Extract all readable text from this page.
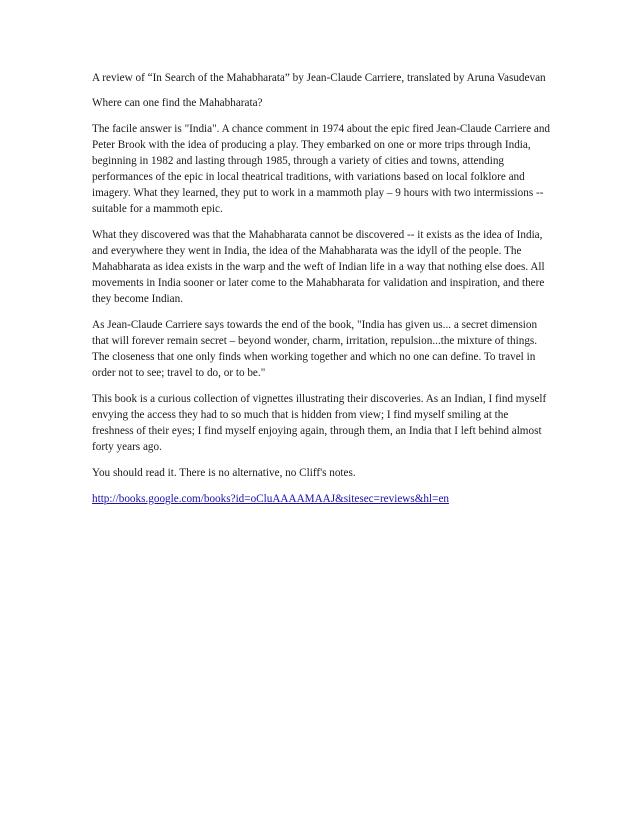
A review of “In Search of the Mahabharata” by Jean-Claude Carriere, translated by Aruna Vasudevan

Where can one find the Mahabharata?

The facile answer is "India". A chance comment in 1974 about the epic fired Jean-Claude Carriere and Peter Brook with the idea of producing a play. They embarked on one or more trips through India, beginning in 1982 and lasting through 1985, through a variety of cities and towns, attending performances of the epic in local theatrical traditions, with variations based on local folklore and imagery. What they learned, they put to work in a mammoth play – 9 hours with two intermissions -- suitable for a mammoth epic.

What they discovered was that the Mahabharata cannot be discovered -- it exists as the idea of India, and everywhere they went in India, the idea of the Mahabharata was the idyll of the people. The Mahabharata as idea exists in the warp and the weft of Indian life in a way that nothing else does. All movements in India sooner or later come to the Mahabharata for validation and inspiration, and there they become Indian.

As Jean-Claude Carriere says towards the end of the book, "India has given us... a secret dimension that will forever remain secret – beyond wonder, charm, irritation, repulsion...the mixture of things. The closeness that one only finds when working together and which no one can define. To travel in order not to see; travel to do, or to be."

This book is a curious collection of vignettes illustrating their discoveries. As an Indian, I find myself envying the access they had to so much that is hidden from view; I find myself smiling at the freshness of their eyes; I find myself enjoying again, through them, an India that I left behind almost forty years ago.

You should read it. There is no alternative, no Cliff's notes.

http://books.google.com/books?id=oCluAAAAMAAJ&sitesec=reviews&hl=en
